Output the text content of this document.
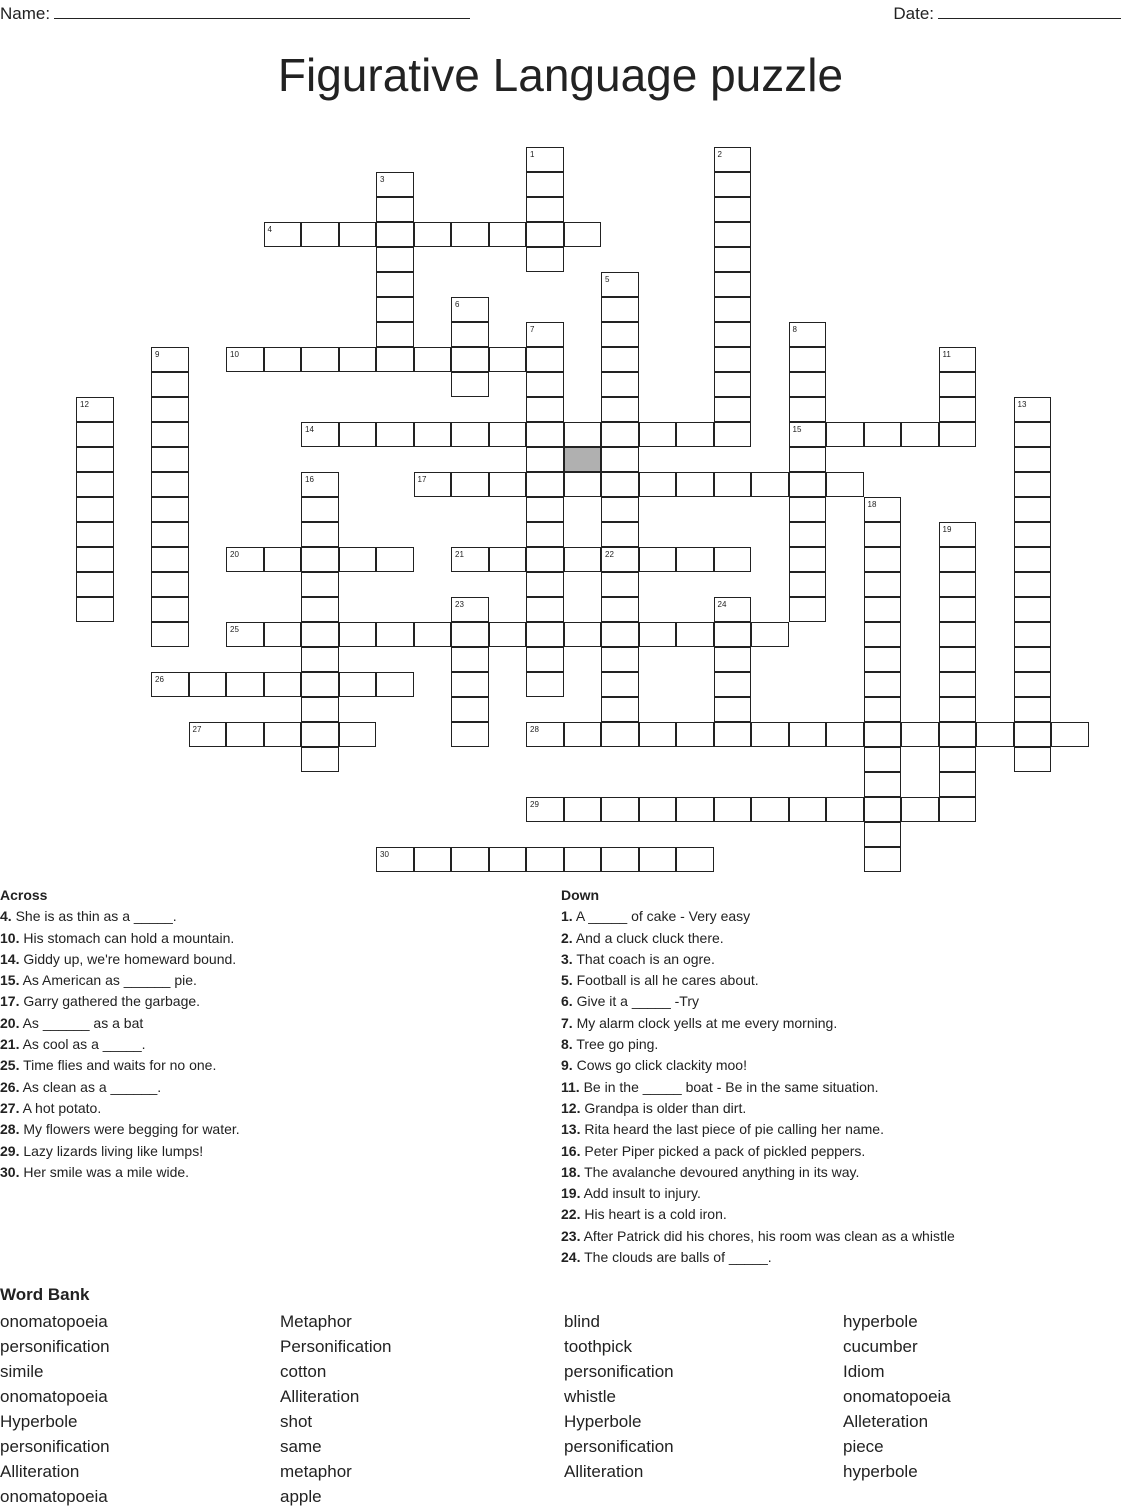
Name:	Date:
Figurative Language puzzle
1	2
3
4
5
6
7	8
9	10	11
12	13
14	15
16	17
18
19
20	21	22
23	24
25
26
27	28
29
30
Across
4. She is as thin as a _____.
10. His stomach can hold a mountain.
14. Giddy up, we're homeward bound.
15. As American as ______ pie.
17. Garry gathered the garbage.
20. As ______ as a bat
21. As cool as a _____.
25. Time flies and waits for no one.
26. As clean as a ______.
27. A hot potato.
28. My flowers were begging for water.
29. Lazy lizards living like lumps!
30. Her smile was a mile wide.
Down
1. A _____ of cake - Very easy
2. And a cluck cluck there.
3. That coach is an ogre.
5. Football is all he cares about.
6. Give it a _____ -Try
7. My alarm clock yells at me every morning.
8. Tree go ping.
9. Cows go click clackity moo!
11. Be in the _____ boat - Be in the same situation.
12. Grandpa is older than dirt.
13. Rita heard the last piece of pie calling her name.
16. Peter Piper picked a pack of pickled peppers.
18. The avalanche devoured anything in its way.
19. Add insult to injury.
22. His heart is a cold iron.
23. After Patrick did his chores, his room was clean as a whistle
24. The clouds are balls of _____.
Word Bank
onomatopoeia
personification
simile
onomatopoeia
Hyperbole
personification
Alliteration
onomatopoeia
Metaphor
Personification
cotton
Alliteration
shot
same
metaphor
apple
blind
toothpick
personification
whistle
Hyperbole
personification
Alliteration
hyperbole
cucumber
Idiom
onomatopoeia
Alleteration
piece
hyperbole
